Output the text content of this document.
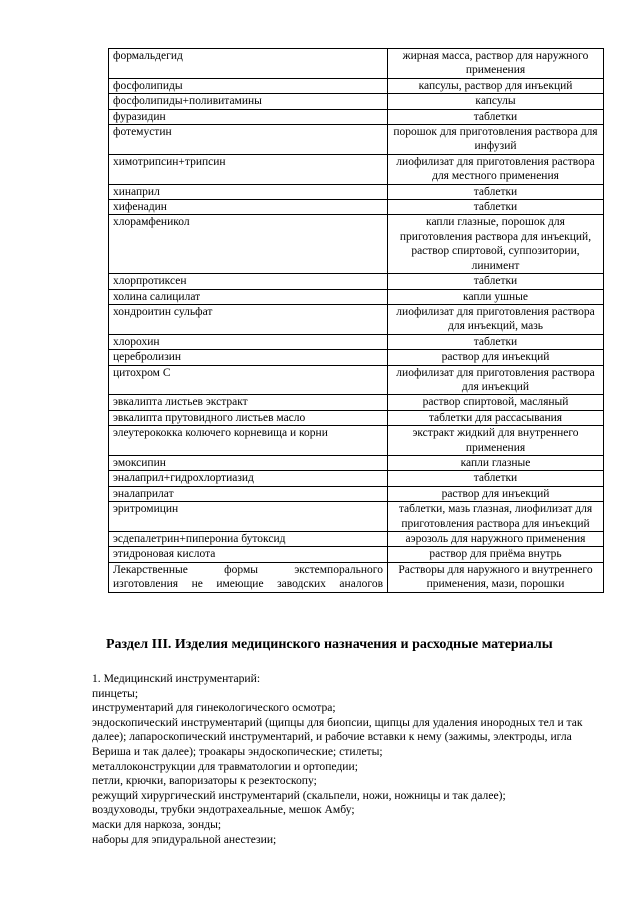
формальдегид	жирная масса, раствор для наружного применения
фосфолипиды	капсулы, раствор для инъекций
фосфолипиды+поливитамины	капсулы
фуразидин	таблетки
фотемустин	порошок для приготовления раствора для инфузий
химотрипсин+трипсин	лиофилизат для приготовления раствора для местного применения
хинаприл	таблетки
хифенадин	таблетки
хлорамфеникол	капли глазные, порошок для приготовления раствора для инъекций, раствор спиртовой, суппозитории, линимент
хлорпротиксен	таблетки
холина салицилат	капли ушные
хондроитин сульфат	лиофилизат для приготовления раствора для инъекций, мазь
хлорохин	таблетки
церебролизин	раствор для инъекций
цитохром С	лиофилизат для приготовления раствора для инъекций
эвкалипта листьев экстракт	раствор спиртовой, масляный
эвкалипта прутовидного листьев масло	таблетки для рассасывания
элеутерококка колючего корневища и корни	экстракт жидкий для внутреннего применения
эмоксипин	капли глазные
эналаприл+гидрохлортиазид	таблетки
эналаприлат	раствор для инъекций
эритромицин	таблетки, мазь глазная, лиофилизат для приготовления раствора для инъекций
эсдепалетрин+пиперониа бутоксид	аэрозоль для наружного применения
этидроновая кислота	раствор для приёма внутрь
Лекарственные формы экстемпорального изготовления не имеющие заводских аналогов	Растворы для наружного и внутреннего применения, мази, порошки
Раздел III. Изделия медицинского назначения и расходные материалы
1. Медицинский инструментарий:
пинцеты;
инструментарий для гинекологического осмотра;
эндоскопический инструментарий (щипцы для биопсии, щипцы для удаления инородных тел и так далее); лапароскопический инструментарий, и рабочие вставки к нему (зажимы, электроды, игла Вериша и так далее); троакары эндоскопические; стилеты;
металлоконструкции для травматологии и ортопедии;
петли, крючки, вапоризаторы к резектоскопу;
режущий хирургический инструментарий (скальпели, ножи, ножницы и так далее);
воздуховоды, трубки эндотрахеальные, мешок Амбу;
маски для наркоза, зонды;
наборы для эпидуральной анестезии;
